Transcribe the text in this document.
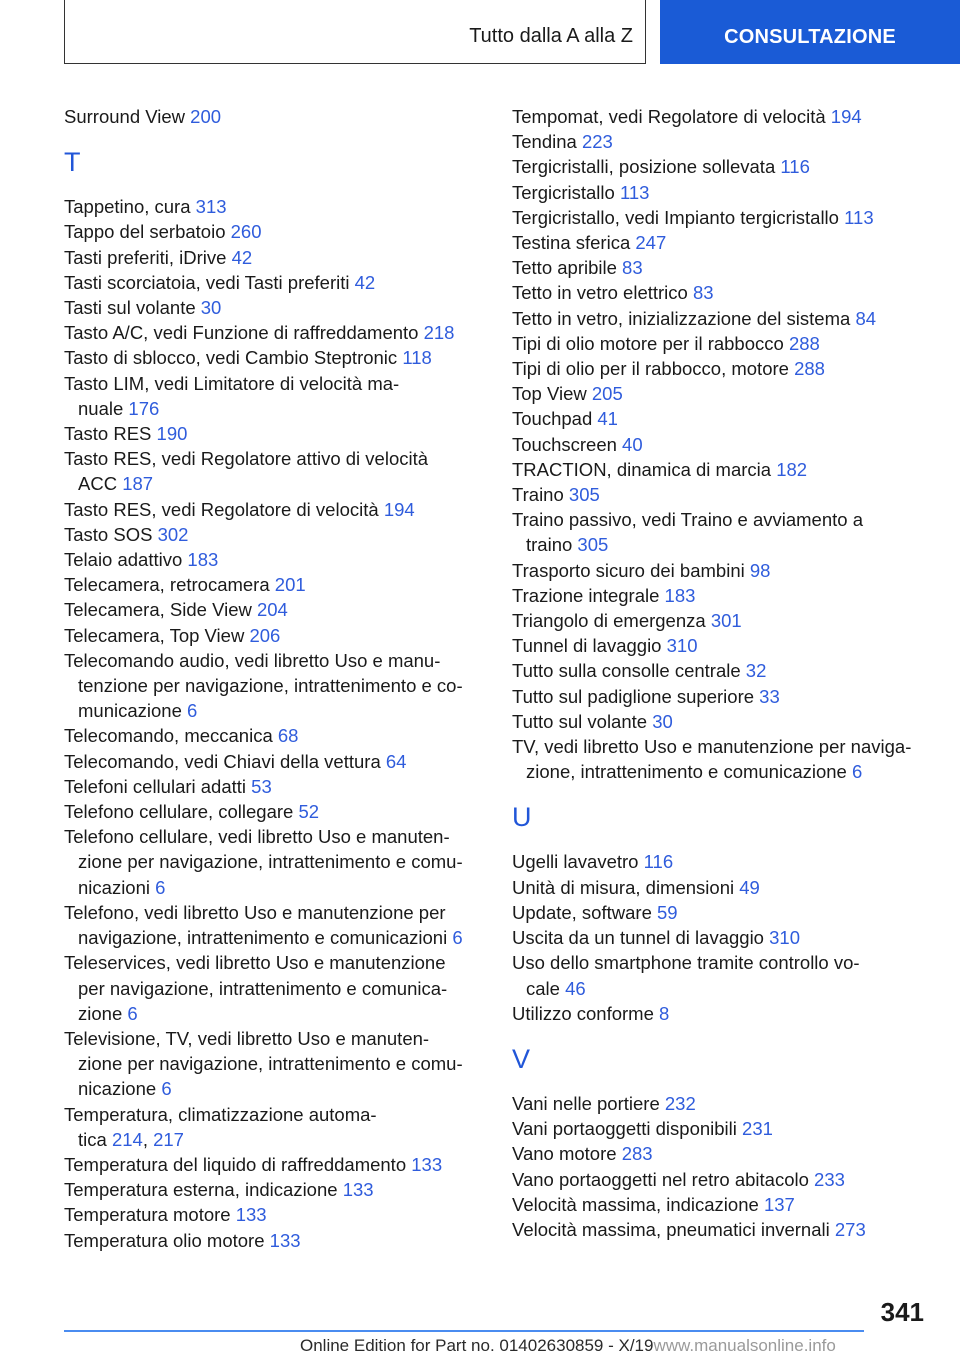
Tutto dalla A alla Z	CONSULTAZIONE

Surround View 200

T

Tappetino, cura 313

Tappo del serbatoio 260

Tasti preferiti, iDrive 42

Tasti scorciatoia, vedi Tasti preferiti 42

Tasti sul volante 30

Tasto A/C, vedi Funzione di raffreddamento 218

Tasto di sblocco, vedi Cambio Steptronic 118

Tasto LIM, vedi Limitatore di velocità ma-
nuale 176

Tasto RES 190

Tasto RES, vedi Regolatore attivo di velocità
ACC 187

Tasto RES, vedi Regolatore di velocità 194

Tasto SOS 302

Telaio adattivo 183

Telecamera, retrocamera 201

Telecamera, Side View 204

Telecamera, Top View 206

Telecomando audio, vedi libretto Uso e manu-
tenzione per navigazione, intrattenimento e co-
municazione 6

Telecomando, meccanica 68

Telecomando, vedi Chiavi della vettura 64

Telefoni cellulari adatti 53

Telefono cellulare, collegare 52

Telefono cellulare, vedi libretto Uso e manuten-
zione per navigazione, intrattenimento e comu-
nicazioni 6

Telefono, vedi libretto Uso e manutenzione per
navigazione, intrattenimento e comunicazioni 6

Teleservices, vedi libretto Uso e manutenzione
per navigazione, intrattenimento e comunica-
zione 6

Televisione, TV, vedi libretto Uso e manuten-
zione per navigazione, intrattenimento e comu-
nicazione 6

Temperatura, climatizzazione automa-
tica 214, 217

Temperatura del liquido di raffreddamento 133

Temperatura esterna, indicazione 133

Temperatura motore 133

Temperatura olio motore 133

Tempomat, vedi Regolatore di velocità 194

Tendina 223

Tergicristalli, posizione sollevata 116

Tergicristallo 113

Tergicristallo, vedi Impianto tergicristallo 113

Testina sferica 247

Tetto apribile 83

Tetto in vetro elettrico 83

Tetto in vetro, inizializzazione del sistema 84

Tipi di olio motore per il rabbocco 288

Tipi di olio per il rabbocco, motore 288

Top View 205

Touchpad 41

Touchscreen 40

TRACTION, dinamica di marcia 182

Traino 305

Traino passivo, vedi Traino e avviamento a
traino 305

Trasporto sicuro dei bambini 98

Trazione integrale 183

Triangolo di emergenza 301

Tunnel di lavaggio 310

Tutto sulla consolle centrale 32

Tutto sul padiglione superiore 33

Tutto sul volante 30

TV, vedi libretto Uso e manutenzione per naviga-
zione, intrattenimento e comunicazione 6

U

Ugelli lavavetro 116

Unità di misura, dimensioni 49

Update, software 59

Uscita da un tunnel di lavaggio 310

Uso dello smartphone tramite controllo vo-
cale 46

Utilizzo conforme 8

V

Vani nelle portiere 232

Vani portaoggetti disponibili 231

Vano motore 283

Vano portaoggetti nel retro abitacolo 233

Velocità massima, indicazione 137

Velocità massima, pneumatici invernali 273

341
Online Edition for Part no. 01402630859 - X/19www.manualsonline.info
